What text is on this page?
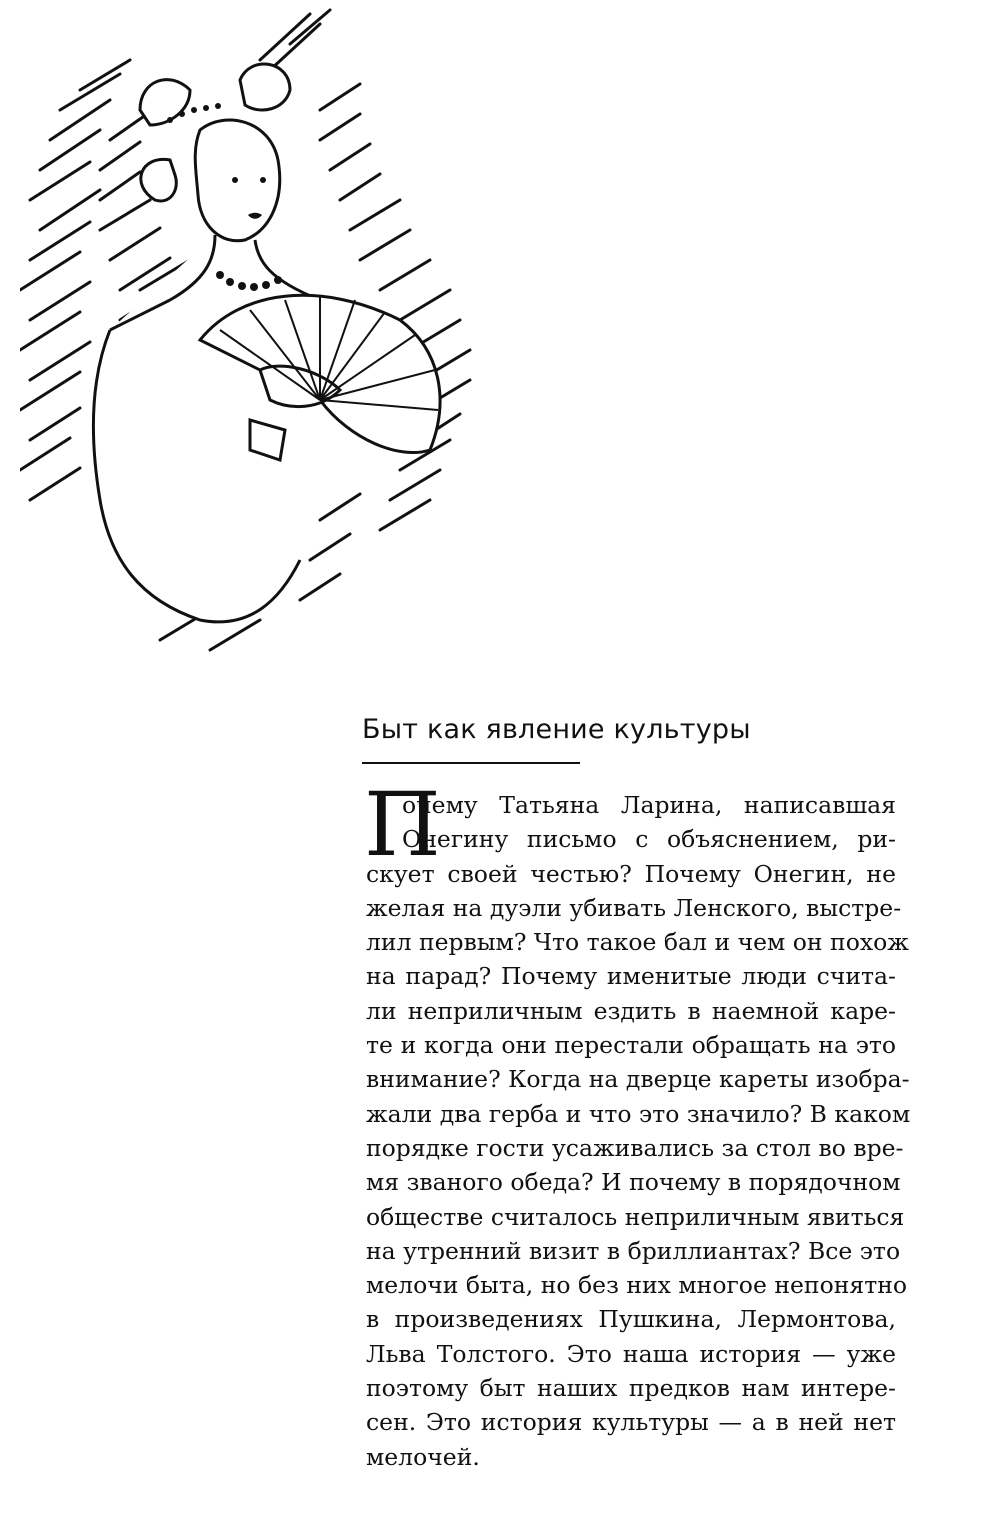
Быт как явление культуры
П
очему Татьяна Ларина, написавшая
Онегину письмо с объяснением, ри-
скует своей честью? Почему Онегин, не
желая на дуэли убивать Ленского, выстре-
лил первым? Что такое бал и чем он похож
на парад? Почему именитые люди счита-
ли неприличным ездить в наемной каре-
те и когда они перестали обращать на это
внимание? Когда на дверце кареты изобра-
жали два герба и что это значило? В каком
порядке гости усаживались за стол во вре-
мя званого обеда? И почему в порядочном
обществе считалось неприличным явиться
на утренний визит в бриллиантах? Все это
мелочи быта, но без них многое непонятно
в произведениях Пушкина, Лермонтова,
Льва Толстого. Это наша история — уже
поэтому быт наших предков нам интере-
сен. Это история культуры — а в ней нет
мелочей.
